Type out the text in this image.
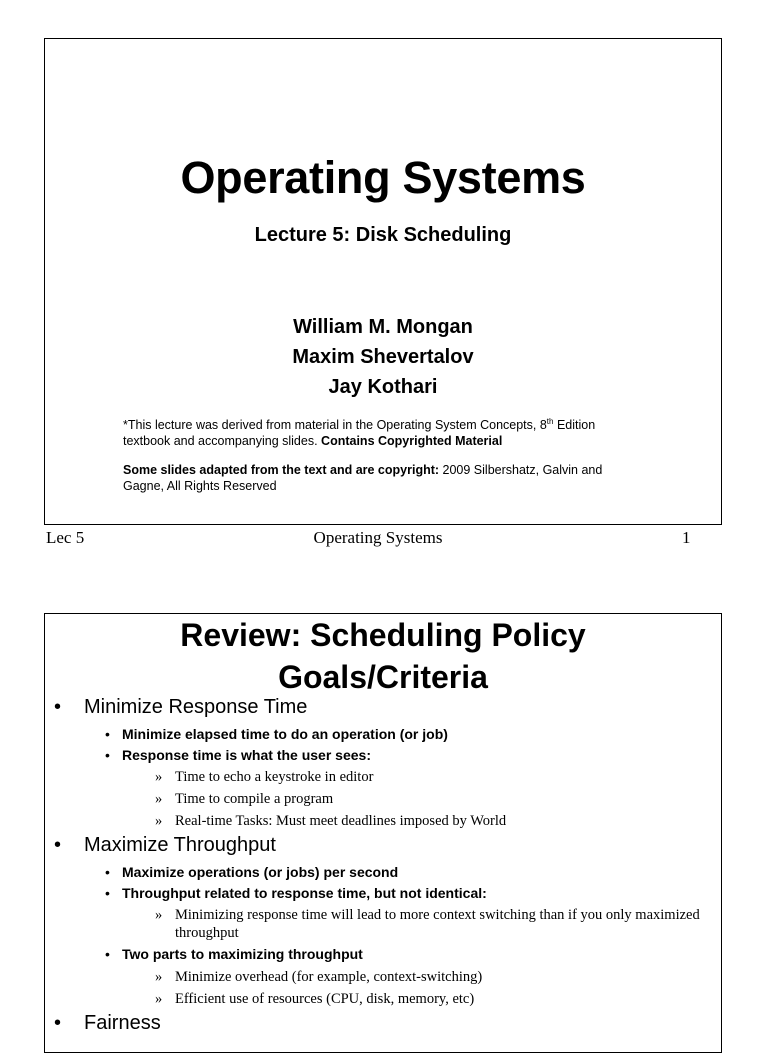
Operating Systems
Lecture 5: Disk Scheduling
William M. Mongan
Maxim Shevertalov
Jay Kothari
*This lecture was derived from material in the Operating System Concepts, 8th Edition textbook and accompanying slides. Contains Copyrighted Material
Some slides adapted from the text and are copyright: 2009 Silbershatz, Galvin and Gagne, All Rights Reserved
Lec 5	Operating Systems	1
Review: Scheduling Policy
Goals/Criteria
• Minimize Response Time
• Minimize elapsed time to do an operation (or job)
• Response time is what the user sees:
» Time to echo a keystroke in editor
» Time to compile a program
» Real-time Tasks: Must meet deadlines imposed by World
• Maximize Throughput
• Maximize operations (or jobs) per second
• Throughput related to response time, but not identical:
» Minimizing response time will lead to more context switching than if you only maximized throughput
• Two parts to maximizing throughput
» Minimize overhead (for example, context-switching)
» Efficient use of resources (CPU, disk, memory, etc)
• Fairness
